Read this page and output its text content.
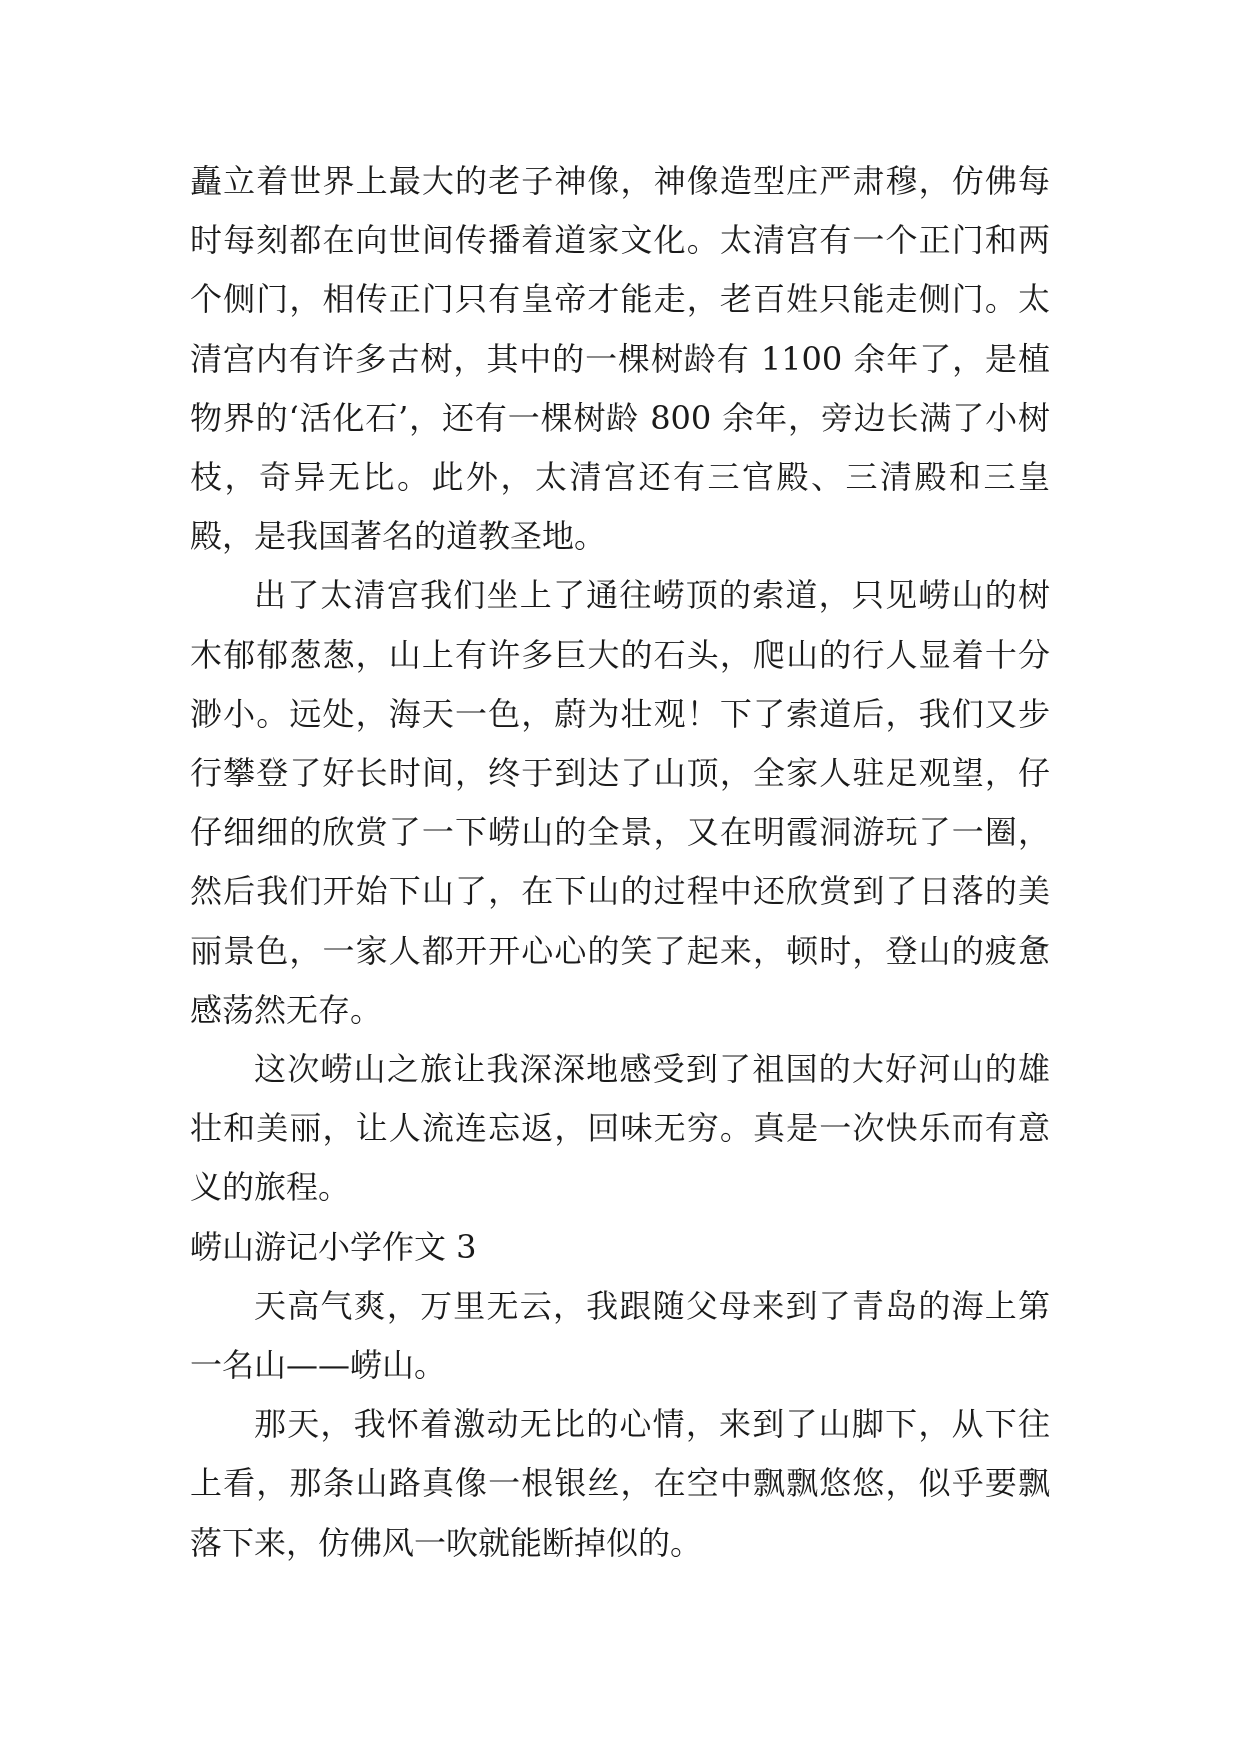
矗立着世界上最大的老子神像，神像造型庄严肃穆，仿佛每时每刻都在向世间传播着道家文化。太清宫有一个正门和两个侧门，相传正门只有皇帝才能走，老百姓只能走侧门。太清宫内有许多古树，其中的一棵树龄有 1100 余年了，是植物界的‘活化石’，还有一棵树龄 800 余年，旁边长满了小树枝，奇异无比。此外，太清宫还有三官殿、三清殿和三皇殿，是我国著名的道教圣地。

出了太清宫我们坐上了通往崂顶的索道，只见崂山的树木郁郁葱葱，山上有许多巨大的石头，爬山的行人显着十分渺小。远处，海天一色，蔚为壮观！下了索道后，我们又步行攀登了好长时间，终于到达了山顶，全家人驻足观望，仔仔细细的欣赏了一下崂山的全景，又在明霞洞游玩了一圈，然后我们开始下山了，在下山的过程中还欣赏到了日落的美丽景色，一家人都开开心心的笑了起来，顿时，登山的疲惫感荡然无存。

这次崂山之旅让我深深地感受到了祖国的大好河山的雄壮和美丽，让人流连忘返，回味无穷。真是一次快乐而有意义的旅程。

崂山游记小学作文 3

天高气爽，万里无云，我跟随父母来到了青岛的海上第一名山——崂山。

那天，我怀着激动无比的心情，来到了山脚下，从下往上看，那条山路真像一根银丝，在空中飘飘悠悠，似乎要飘落下来，仿佛风一吹就能断掉似的。
